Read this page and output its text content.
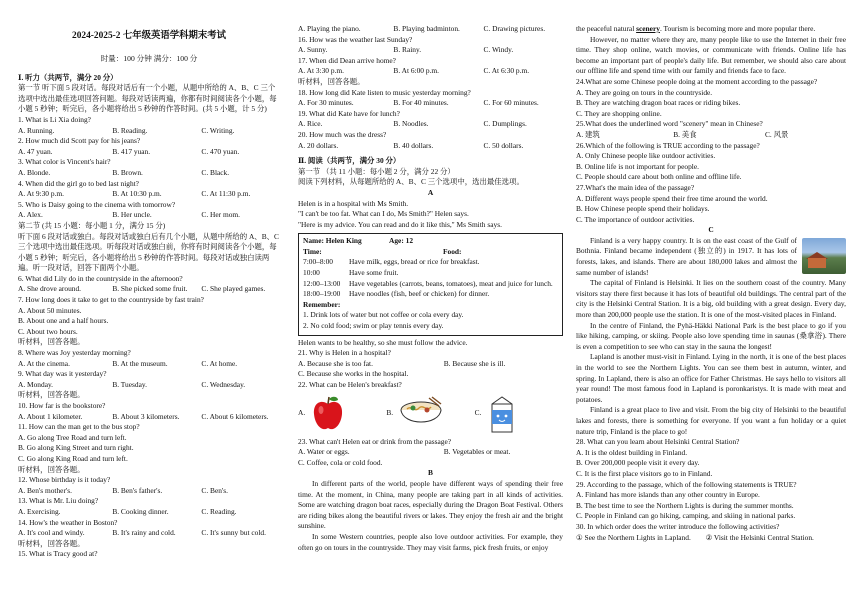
2024-2025-2 七年级英语学科期末考试
时量：100 分钟 满分：100 分
Ⅰ. 听力（共两节，满分 20 分）
第一节 听下面 5 段对话。每段对话后有一个小题，从题中所给的 A、B、C 三个选项中选出最佳选项回答问题。每段对话读两遍，你都有时间阅读各个小题，每小题 5 秒钟；听完后，各小题将给出 5 秒钟的作答时间。(共 5 小题，计 5 分)
1. What is Li Xia doing?
A. Running.	B. Reading.	C. Writing.
2. How much did Scott pay for his jeans?
A. 47 yuan.	B. 417 yuan.	C. 470 yuan.
3. What color is Vincent's hair?
A. Blonde.	B. Brown.	C. Black.
4. When did the girl go to bed last night?
A. At 9:30 p.m.	B. At 10:30 p.m.	C. At 11:30 p.m.
5. Who is Daisy going to the cinema with tomorrow?
A. Alex.	B. Her uncle.	C. Her mom.
第二节 (共 15 小题：每小题 1 分，满分 15 分)
听下面 6 段对话或独白。每段对话或独白后有几个小题，从题中所给的 A、B、C 三个选项中选出最佳选项。听每段对话或独白前，你将有时间阅读各个小题，每小题 5 秒钟；听完后，各小题将给出 5 秒钟的作答时间。每段对话或独白读两遍。听一段对话，回答下面两个小题。
6. What did Lily do in the countryside in the afternoon?
A. She drove around.	B. She picked some fruit.	C. She played games.
7. How long does it take to get to the countryside by fast train?
A. About 50 minutes.
B. About one and a half hours.
C. About two hours.
听材料，回答各题。
8. Where was Joy yesterday morning?
A. At the cinema.	B. At the museum.	C. At home.
9. What day was it yesterday?
A. Monday.	B. Tuesday.	C. Wednesday.
听材料，回答各题。
10. How far is the bookstore?
A. About 1 kilometer.	B. About 3 kilometers.	C. About 6 kilometers.
11. How can the man get to the bus stop?
A. Go along Tree Road and turn left.
B. Go along King Street and turn right.
C. Go along King Road and turn left.
听材料，回答各题。
12. Whose birthday is it today?
A. Ben's mother's.	B. Ben's father's.	C. Ben's.
13. What is Mr. Liu doing?
A. Exercising.	B. Cooking dinner.	C. Reading.
14. How's the weather in Boston?
A. It's cool and windy.	B. It's rainy and cold.	C. It's sunny but cold.
听材料，回答各题。
15. What is Tracy good at?
A. Playing the piano.	B. Playing badminton.	C. Drawing pictures.
16. How was the weather last Sunday?
A. Sunny.	B. Rainy.	C. Windy.
17. When did Dean arrive home?
A. At 3:30 p.m.	B. At 6:00 p.m.	C. At 6:30 p.m.
听材料，回答各题。
18. How long did Kate listen to music yesterday morning?
A. For 30 minutes.	B. For 40 minutes.	C. For 60 minutes.
19. What did Kate have for lunch?
A. Rice.	B. Noodles.	C. Dumplings.
20. How much was the dress?
A. 20 dollars.	B. 40 dollars.	C. 50 dollars.
Ⅱ. 阅读（共两节，满分 30 分）
第一节 （共 11 小题：每小题 2 分，满分 22 分）
阅读下列材料，从每题所给的 A、B、C 三个选项中，选出最佳选项。
A
Helen is in a hospital with Ms Smith.
"I can't be too fat. What can I do, Ms Smith?" Helen says.
"Here is my advice. You can read and do it like this," Ms Smith says.
Name: Helen King	Age: 12
Time:	Food:
7:00–8:00	Have milk, eggs, bread or rice for breakfast.
10:00	Have some fruit.
12:00–13:00	Have vegetables (carrots, beans, tomatoes), meat and juice for lunch.
18:00–19:00	Have noodles (fish, beef or chicken) for dinner.
Remember:
1. Drink lots of water but not coffee or cola every day.
2. No cold food; swim or play tennis every day.
Helen wants to be healthy, so she must follow the advice.
21. Why is Helen in a hospital?
A. Because she is too fat.	B. Because she is ill.
C. Because she works in the hospital.
22. What can be Helen's breakfast?
A.	B.	C.
23. What can't Helen eat or drink from the passage?
A. Water or eggs.	B. Vegetables or meat.
C. Coffee, cola or cold food.
B
In different parts of the world, people have different ways of spending their free time. At the moment, in China, many people are taking part in all kinds of activities. Some are watching dragon boat races, especially during the Dragon Boat Festival. Others are riding bikes along the beautiful rivers or lakes. They enjoy the fresh air and the bright sunshine.
In some Western countries, people also love outdoor activities. For example, they often go on tours in the countryside. They may visit farms, pick fresh fruits, or enjoy
the peaceful natural scenery. Tourism is becoming more and more popular there.
However, no matter where they are, many people like to use the Internet in their free time. They shop online, watch movies, or communicate with friends. Online life has become an important part of people's daily life. But remember, we should also care about our offline life and spend time with our family and friends face to face.
24.What are some Chinese people doing at the moment according to the passage?
A. They are going on tours in the countryside.
B. They are watching dragon boat races or riding bikes.
C. They are shopping online.
25.What does the underlined word "scenery" mean in Chinese?
A. 建筑	B. 美食	C. 风景
26.Which of the following is TRUE according to the passage?
A. Only Chinese people like outdoor activities.
B. Online life is not important for people.
C. People should care about both online and offline life.
27.What's the main idea of the passage?
A. Different ways people spend their free time around the world.
B. How Chinese people spend their holidays.
C. The importance of outdoor activities.
C
Finland is a very happy country. It is on the east coast of the Gulf of Bothnia. Finland became independent (独立的) in 1917. It has lots of forests, lakes, and islands. There are about 180,000 lakes and almost the same number of islands!
The capital of Finland is Helsinki. It lies on the southern coast of the country. Many visitors stay there first because it has lots of beautiful old buildings. The central part of the city is the Helsinki Central Station. It is a big, old building with a great design. Every day, more than 200,000 people use the station. It is one of the most-visited places in Finland.
In the centre of Finland, the Pyhä-Häkki National Park is the best place to go if you like hiking, camping, or skiing. People also love spending time in saunas (桑拿浴). There is even a competition to see who can stay in the sauna the longest!
Lapland is another must-visit in Finland. Lying in the north, it is one of the best places in the world to see the Northern Lights. You can see them best in autumn, winter, and spring. In Lapland, there is also an office for Father Christmas. He says hello to visitors all year round! The most famous food in Lapland is poronkaristys. It is made with meat and potatoes.
Finland is a great place to live and visit. From the big city of Helsinki to the beautiful lakes and forests, there is something for everyone. If you want a fun holiday or a quiet nature trip, Finland is the place to go!
28. What can you learn about Helsinki Central Station?
A. It is the oldest building in Finland.
B. Over 200,000 people visit it every day.
C. It is the first place visitors go to in Finland.
29. According to the passage, which of the following statements is TRUE?
A. Finland has more islands than any other country in Europe.
B. The best time to see the Northern Lights is during the summer months.
C. People in Finland can go hiking, camping, and skiing in national parks.
30. In which order does the writer introduce the following activities?
① See the Northern Lights in Lapland.	② Visit the Helsinki Central Station.
